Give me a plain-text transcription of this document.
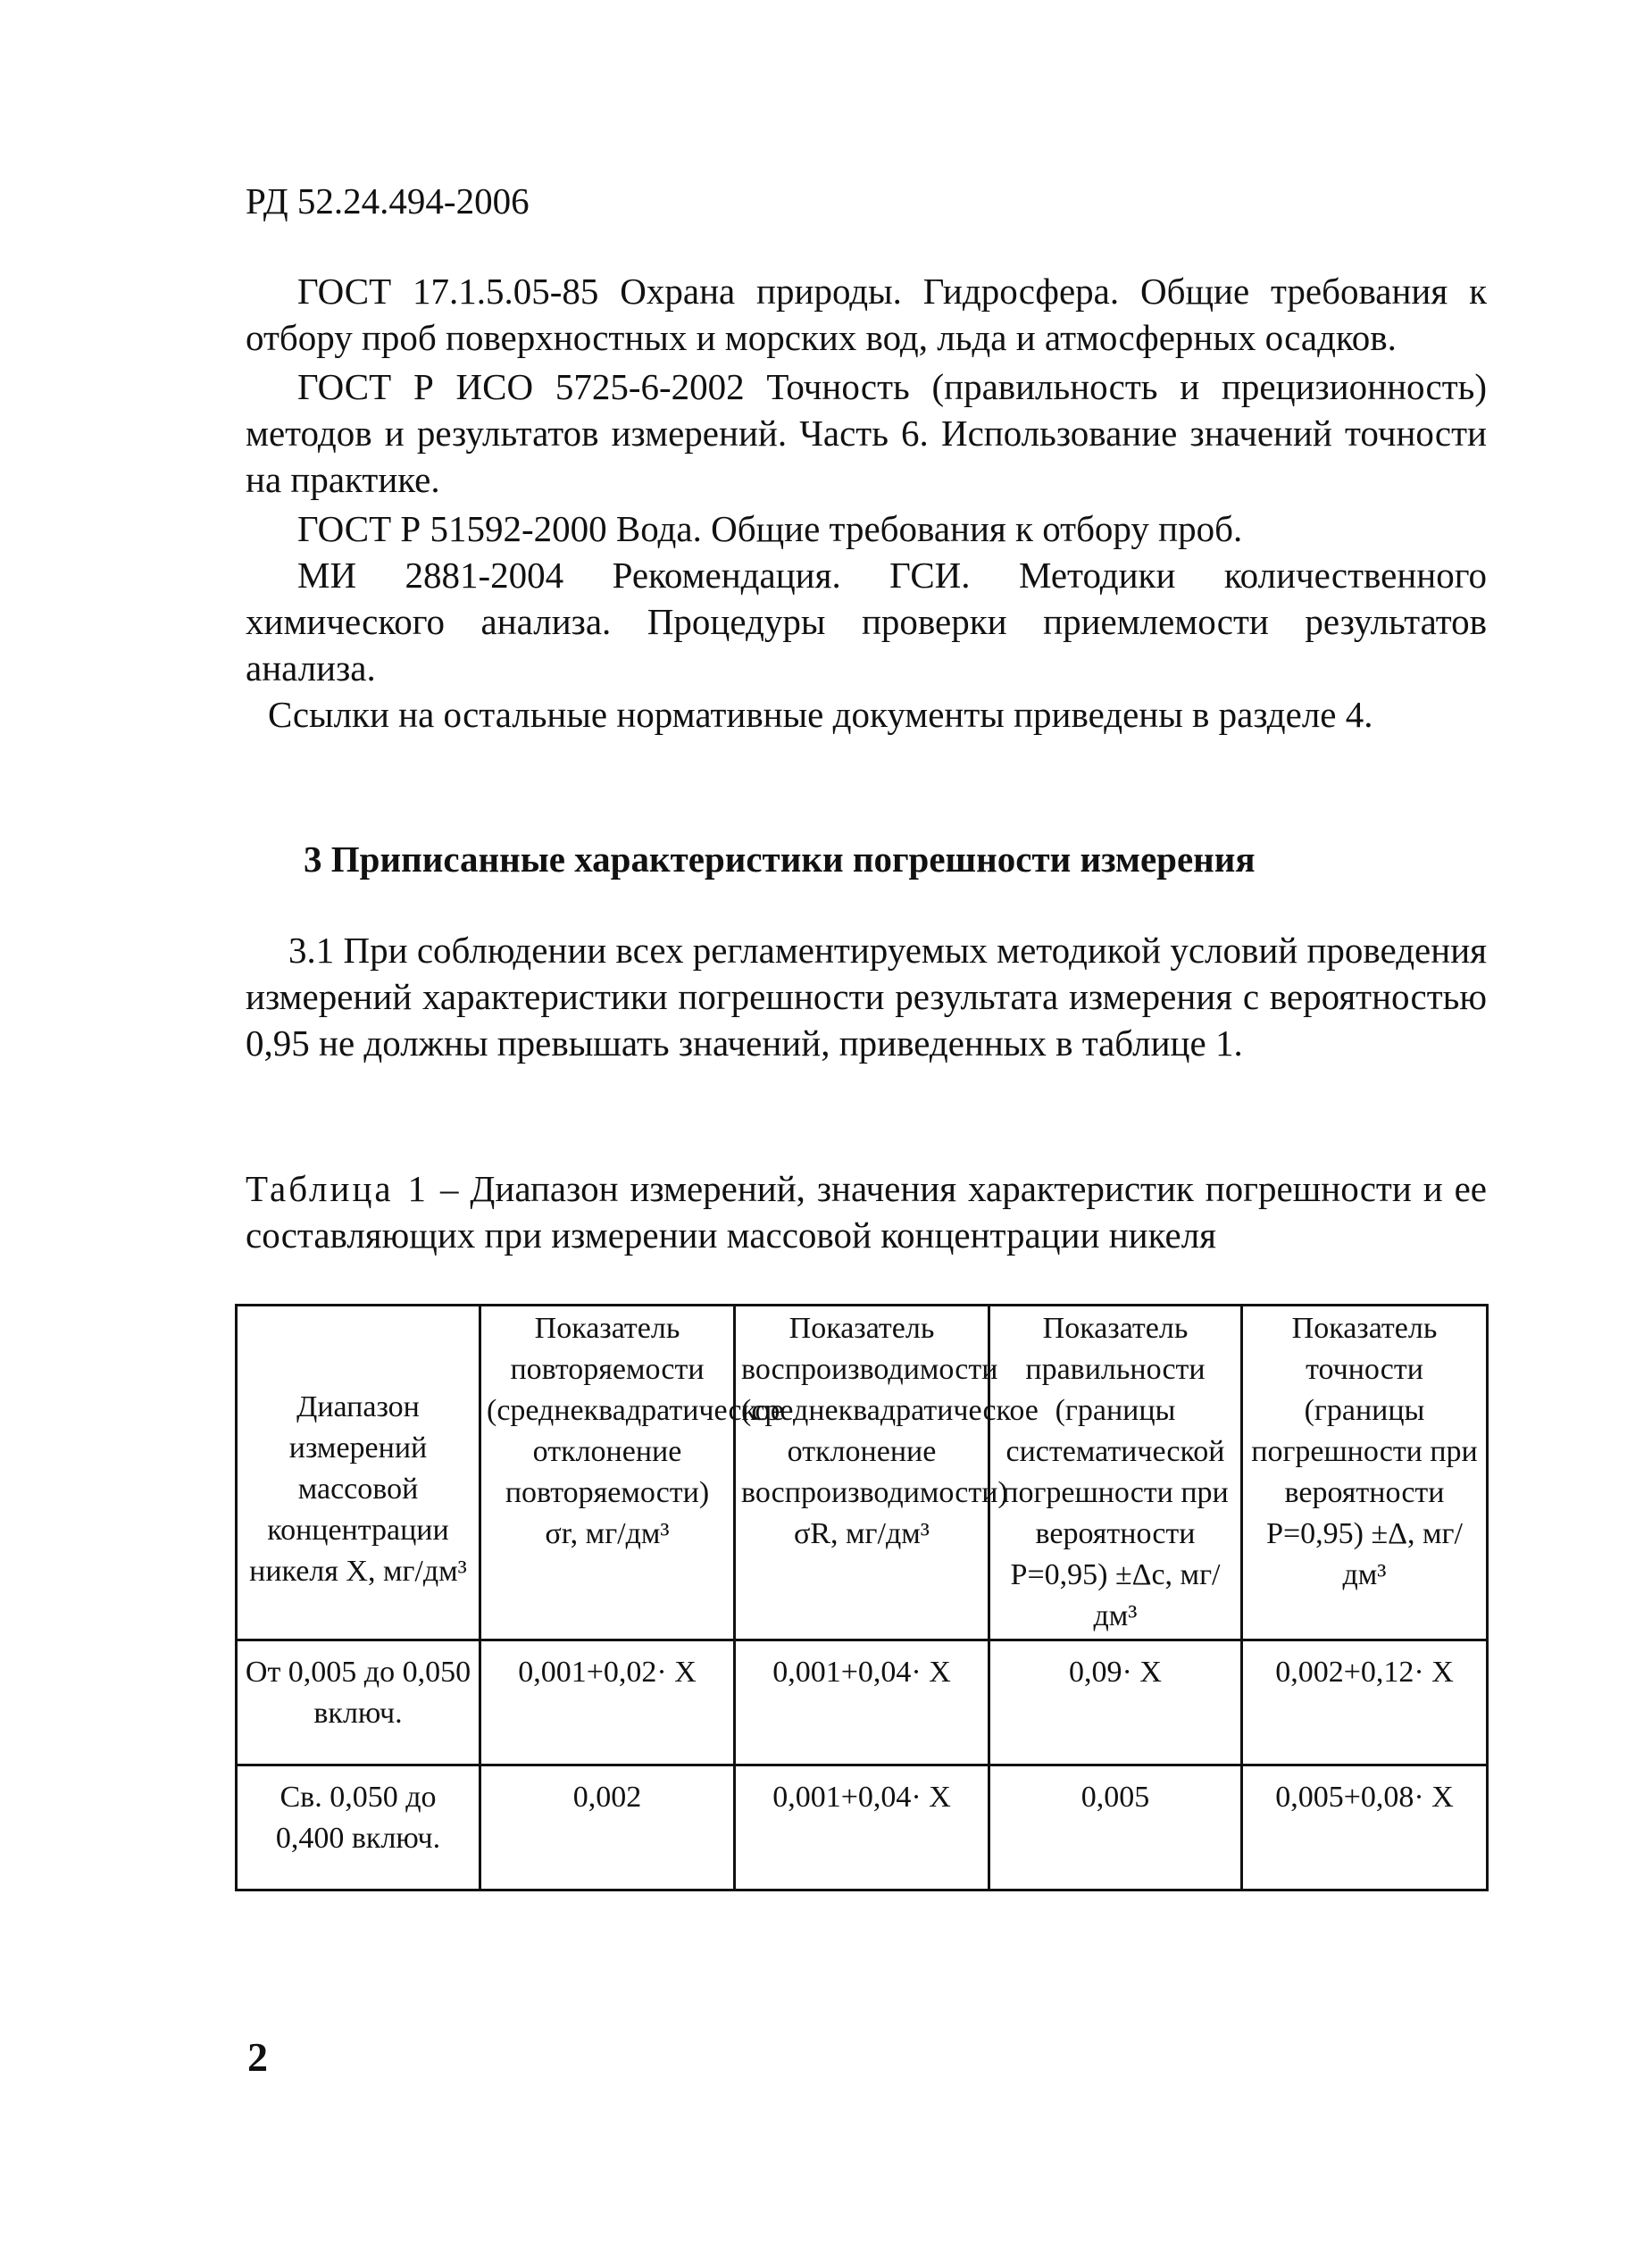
РД 52.24.494-2006

ГОСТ 17.1.5.05-85 Охрана природы. Гидросфера. Общие требования к отбору проб поверхностных и морских вод, льда и атмосферных осадков.

ГОСТ Р ИСО 5725-6-2002 Точность (правильность и прецизионность) методов и результатов измерений. Часть 6. Использование значений точности на практике.

ГОСТ Р 51592-2000 Вода. Общие требования к отбору проб.

МИ 2881-2004 Рекомендация. ГСИ. Методики количественного химического анализа. Процедуры проверки приемлемости результатов анализа.

Ссылки на остальные нормативные документы приведены в разделе 4.

3 Приписанные характеристики погрешности измерения

3.1 При соблюдении всех регламентируемых методикой условий проведения измерений характеристики погрешности результата измерения с вероятностью 0,95 не должны превышать значений, приведенных в таблице 1.

Таблица 1 – Диапазон измерений, значения характеристик погрешности и ее составляющих при измерении массовой концентрации никеля

Диапазон измерений массовой концентрации никеля X, мг/дм³	Показатель повторяемости (среднеквадратическое отклонение повторяемости) σr, мг/дм³	Показатель воспроизводимости (среднеквадратическое отклонение воспроизводимости) σR, мг/дм³	Показатель правильности (границы систематической погрешности при вероятности Р=0,95) ±Δc, мг/дм³	Показатель точности (границы погрешности при вероятности Р=0,95) ±Δ, мг/дм³
От 0,005 до 0,050 включ.	0,001+0,02· X	0,001+0,04· X	0,09· X	0,002+0,12· X
Св. 0,050 до 0,400 включ.	0,002	0,001+0,04· X	0,005	0,005+0,08· X
2
